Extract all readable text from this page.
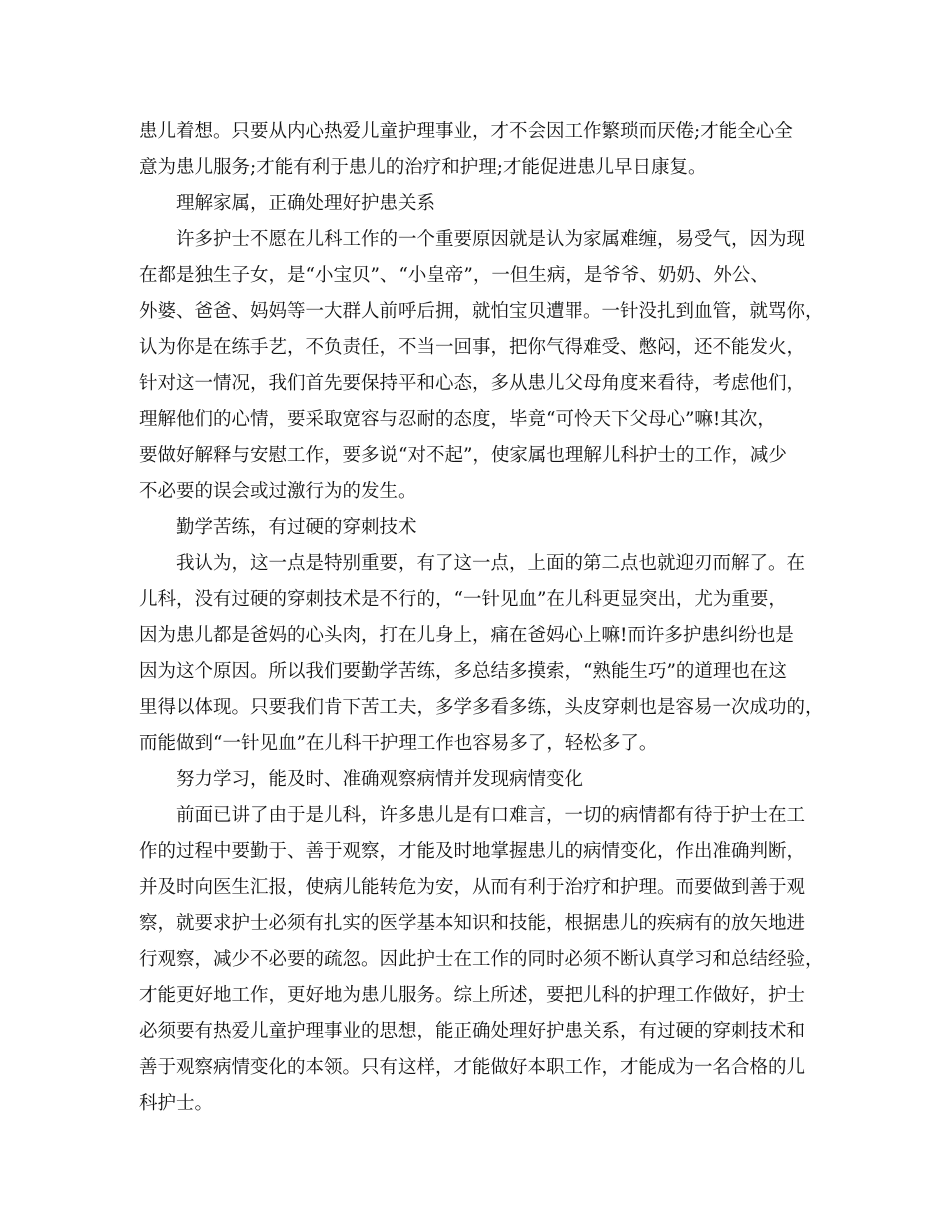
患儿着想。只要从内心热爱儿童护理事业，才不会因工作繁琐而厌倦;才能全心全
意为患儿服务;才能有利于患儿的治疗和护理;才能促进患儿早日康复。
理解家属，正确处理好护患关系
许多护士不愿在儿科工作的一个重要原因就是认为家属难缠，易受气，因为现
在都是独生子女，是“小宝贝”、“小皇帝”，一但生病，是爷爷、奶奶、外公、
外婆、爸爸、妈妈等一大群人前呼后拥，就怕宝贝遭罪。一针没扎到血管，就骂你，
认为你是在练手艺，不负责任，不当一回事，把你气得难受、憋闷，还不能发火，
针对这一情况，我们首先要保持平和心态，多从患儿父母角度来看待，考虑他们，
理解他们的心情，要采取宽容与忍耐的态度，毕竟“可怜天下父母心”嘛!其次，
要做好解释与安慰工作，要多说“对不起”，使家属也理解儿科护士的工作，减少
不必要的误会或过激行为的发生。
勤学苦练，有过硬的穿刺技术
我认为，这一点是特别重要，有了这一点，上面的第二点也就迎刃而解了。在
儿科，没有过硬的穿刺技术是不行的，“一针见血”在儿科更显突出，尤为重要，
因为患儿都是爸妈的心头肉，打在儿身上，痛在爸妈心上嘛!而许多护患纠纷也是
因为这个原因。所以我们要勤学苦练，多总结多摸索，“熟能生巧”的道理也在这
里得以体现。只要我们肯下苦工夫，多学多看多练，头皮穿刺也是容易一次成功的，
而能做到“一针见血”在儿科干护理工作也容易多了，轻松多了。
努力学习，能及时、准确观察病情并发现病情变化
前面已讲了由于是儿科，许多患儿是有口难言，一切的病情都有待于护士在工
作的过程中要勤于、善于观察，才能及时地掌握患儿的病情变化，作出准确判断，
并及时向医生汇报，使病儿能转危为安，从而有利于治疗和护理。而要做到善于观
察，就要求护士必须有扎实的医学基本知识和技能，根据患儿的疾病有的放矢地进
行观察，减少不必要的疏忽。因此护士在工作的同时必须不断认真学习和总结经验，
才能更好地工作，更好地为患儿服务。综上所述，要把儿科的护理工作做好，护士
必须要有热爱儿童护理事业的思想，能正确处理好护患关系，有过硬的穿刺技术和
善于观察病情变化的本领。只有这样，才能做好本职工作，才能成为一名合格的儿
科护士。
